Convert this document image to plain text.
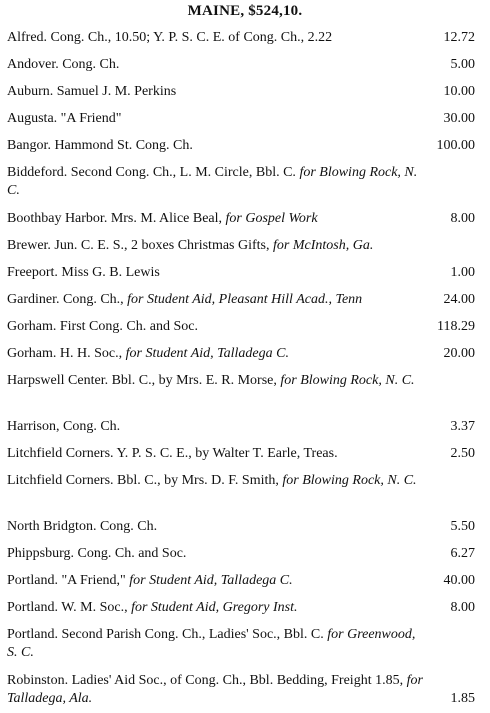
MAINE, $524,10.
Alfred. Cong. Ch., 10.50; Y. P. S. C. E. of Cong. Ch., 2.22	12.72
Andover. Cong. Ch.	5.00
Auburn. Samuel J. M. Perkins	10.00
Augusta. "A Friend"	30.00
Bangor. Hammond St. Cong. Ch.	100.00
Biddeford. Second Cong. Ch., L. M. Circle, Bbl. C. for Blowing Rock, N. C.
Boothbay Harbor. Mrs. M. Alice Beal, for Gospel Work	8.00
Brewer. Jun. C. E. S., 2 boxes Christmas Gifts, for McIntosh, Ga.
Freeport. Miss G. B. Lewis	1.00
Gardiner. Cong. Ch., for Student Aid, Pleasant Hill Acad., Tenn	24.00
Gorham. First Cong. Ch. and Soc.	118.29
Gorham. H. H. Soc., for Student Aid, Talladega C.	20.00
Harpswell Center. Bbl. C., by Mrs. E. R. Morse, for Blowing Rock, N. C.
Harrison, Cong. Ch.	3.37
Litchfield Corners. Y. P. S. C. E., by Walter T. Earle, Treas.	2.50
Litchfield Corners. Bbl. C., by Mrs. D. F. Smith, for Blowing Rock, N. C.
North Bridgton. Cong. Ch.	5.50
Phippsburg. Cong. Ch. and Soc.	6.27
Portland. "A Friend," for Student Aid, Talladega C.	40.00
Portland. W. M. Soc., for Student Aid, Gregory Inst.	8.00
Portland. Second Parish Cong. Ch., Ladies' Soc., Bbl. C. for Greenwood, S. C.
Robinston. Ladies' Aid Soc., of Cong. Ch., Bbl. Bedding, Freight 1.85, for Talladega, Ala.	1.85
